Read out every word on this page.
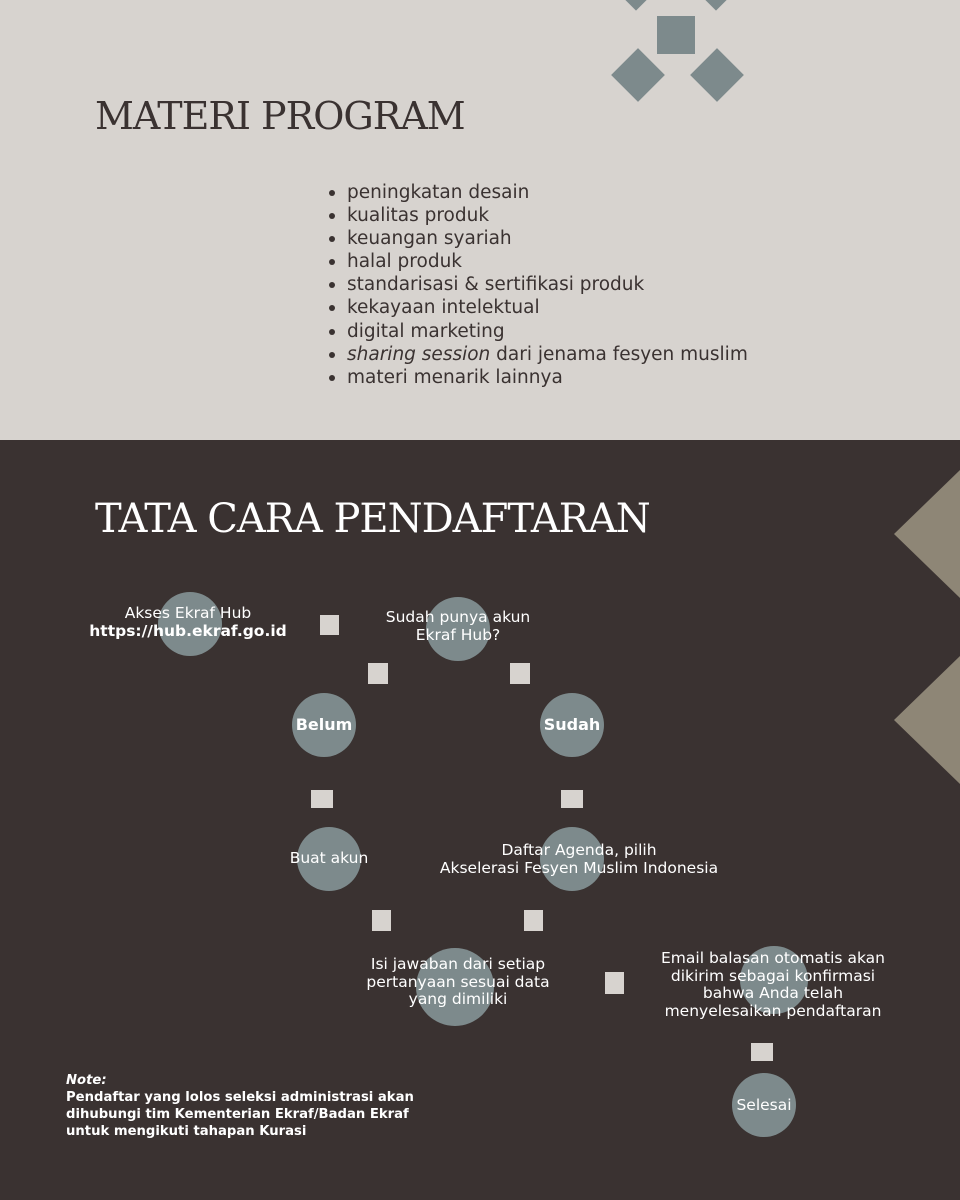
MATERI PROGRAM
peningkatan desain
kualitas produk
keuangan syariah
halal produk
standarisasi & sertifikasi produk
kekayaan intelektual
digital marketing
sharing session dari jenama fesyen muslim
materi menarik lainnya
TATA CARA PENDAFTARAN
Akses Ekraf Hub
https://hub.ekraf.go.id
Sudah punya akun
Ekraf Hub?
Belum	Sudah
Buat akun	Daftar Agenda, pilih
Akselerasi Fesyen Muslim Indonesia
Isi jawaban dari setiap
pertanyaan sesuai data
yang dimiliki
Email balasan otomatis akan
dikirim sebagai konfirmasi
bahwa Anda telah
menyelesaikan pendaftaran
Selesai
Note:
Pendaftar yang lolos seleksi administrasi akan
dihubungi tim Kementerian Ekraf/Badan Ekraf
untuk mengikuti tahapan Kurasi
